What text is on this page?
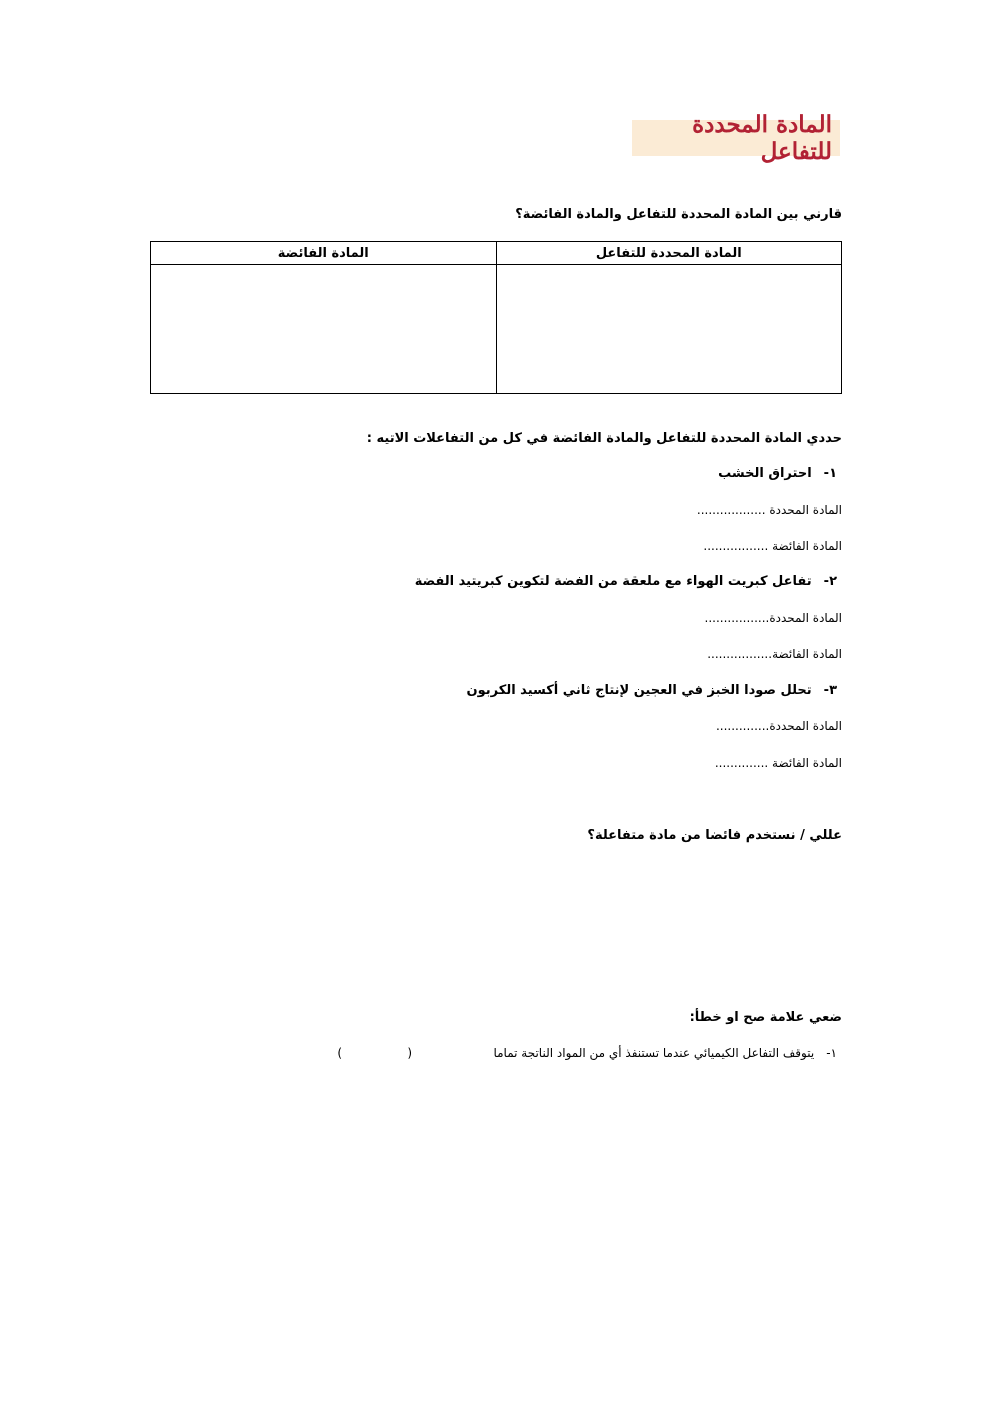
المادة المحددة للتفاعل
قارني بين المادة المحددة للتفاعل والمادة الفائضة؟
المادة المحددة للتفاعل	المادة الفائضة

حددي المادة المحددة للتفاعل والمادة الفائضة في كل من التفاعلات الاتيه :
١-احتراق الخشب
المادة المحددة ..................
المادة الفائضة .................
٢-تفاعل كبريت الهواء مع ملعقة من الفضة لتكوين كبريتيد الفضة
المادة المحددة.................
المادة الفائضة.................
٣-تحلل صودا الخبز في العجين لإنتاج ثاني أكسيد الكربون
المادة المحددة..............
المادة الفائضة ..............
عللي / نستخدم فائضا من مادة متفاعلة؟
ضعي علامة صح او خطأ:
١-يتوقف التفاعل الكيميائي عندما تستنفذ أي من المواد الناتجة تماما
(
)
